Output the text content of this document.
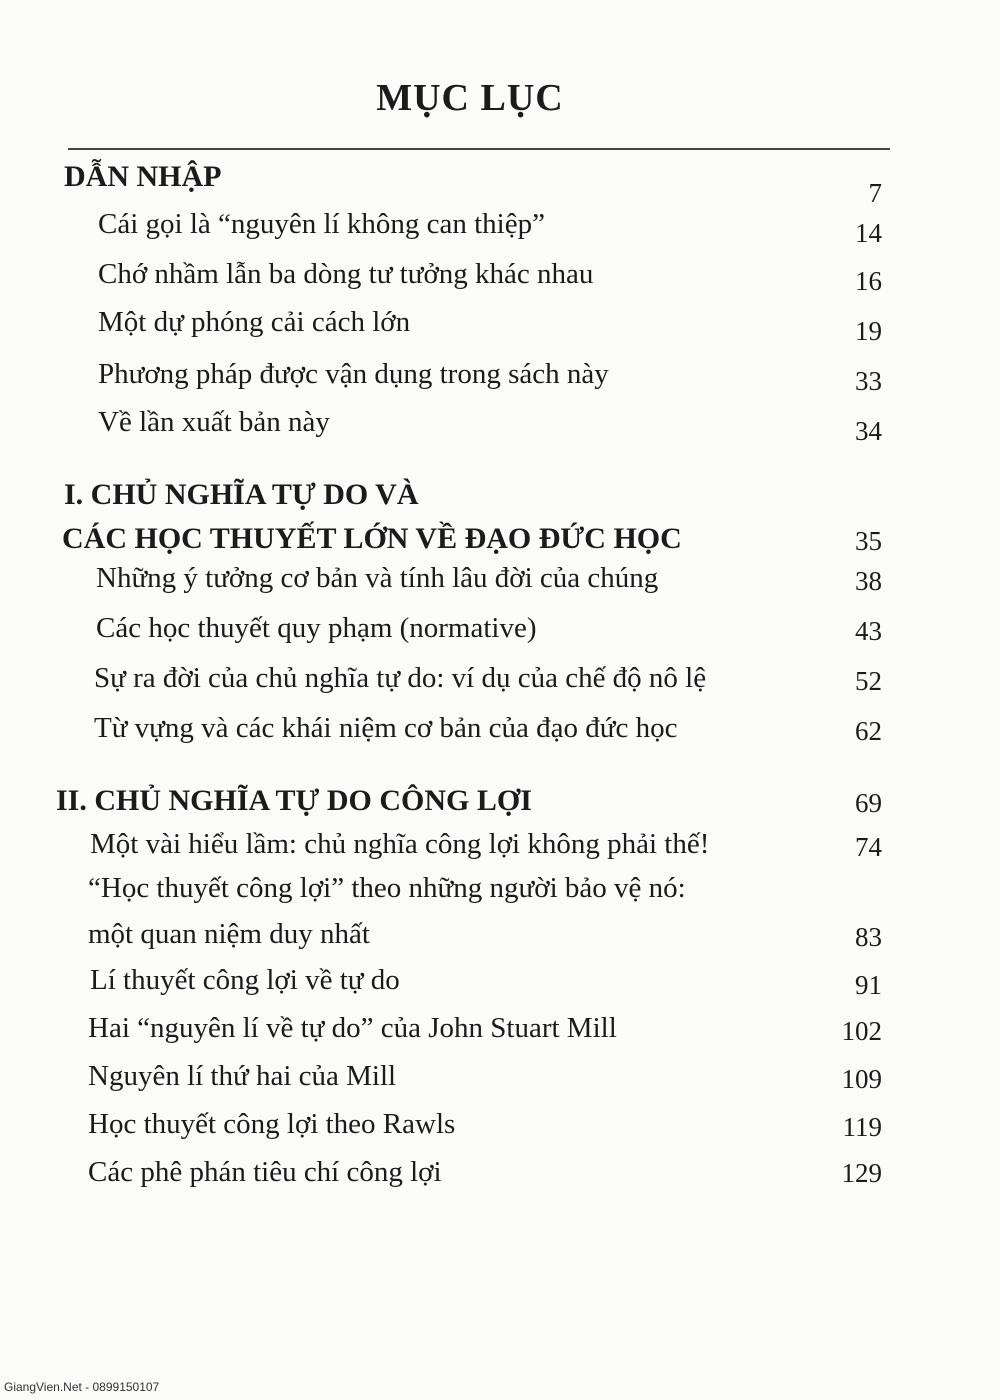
MỤC LỤC
DẪN NHẬP	7
Cái gọi là “nguyên lí không can thiệp”	14
Chớ nhầm lẫn ba dòng tư tưởng khác nhau	16
Một dự phóng cải cách lớn	19
Phương pháp được vận dụng trong sách này	33
Về lần xuất bản này	34
I. CHỦ NGHĨA TỰ DO VÀ
CÁC HỌC THUYẾT LỚN VỀ ĐẠO ĐỨC HỌC	35
Những ý tưởng cơ bản và tính lâu đời của chúng	38
Các học thuyết quy phạm (normative)	43
Sự ra đời của chủ nghĩa tự do: ví dụ của chế độ nô lệ	52
Từ vựng và các khái niệm cơ bản của đạo đức học	62
II. CHỦ NGHĨA TỰ DO CÔNG LỢI	69
Một vài hiểu lầm: chủ nghĩa công lợi không phải thế!	74
“Học thuyết công lợi” theo những người bảo vệ nó:
một quan niệm duy nhất	83
Lí thuyết công lợi về tự do	91
Hai “nguyên lí về tự do” của John Stuart Mill	102
Nguyên lí thứ hai của Mill	109
Học thuyết công lợi theo Rawls	119
Các phê phán tiêu chí công lợi	129
GiangVien.Net - 0899150107
